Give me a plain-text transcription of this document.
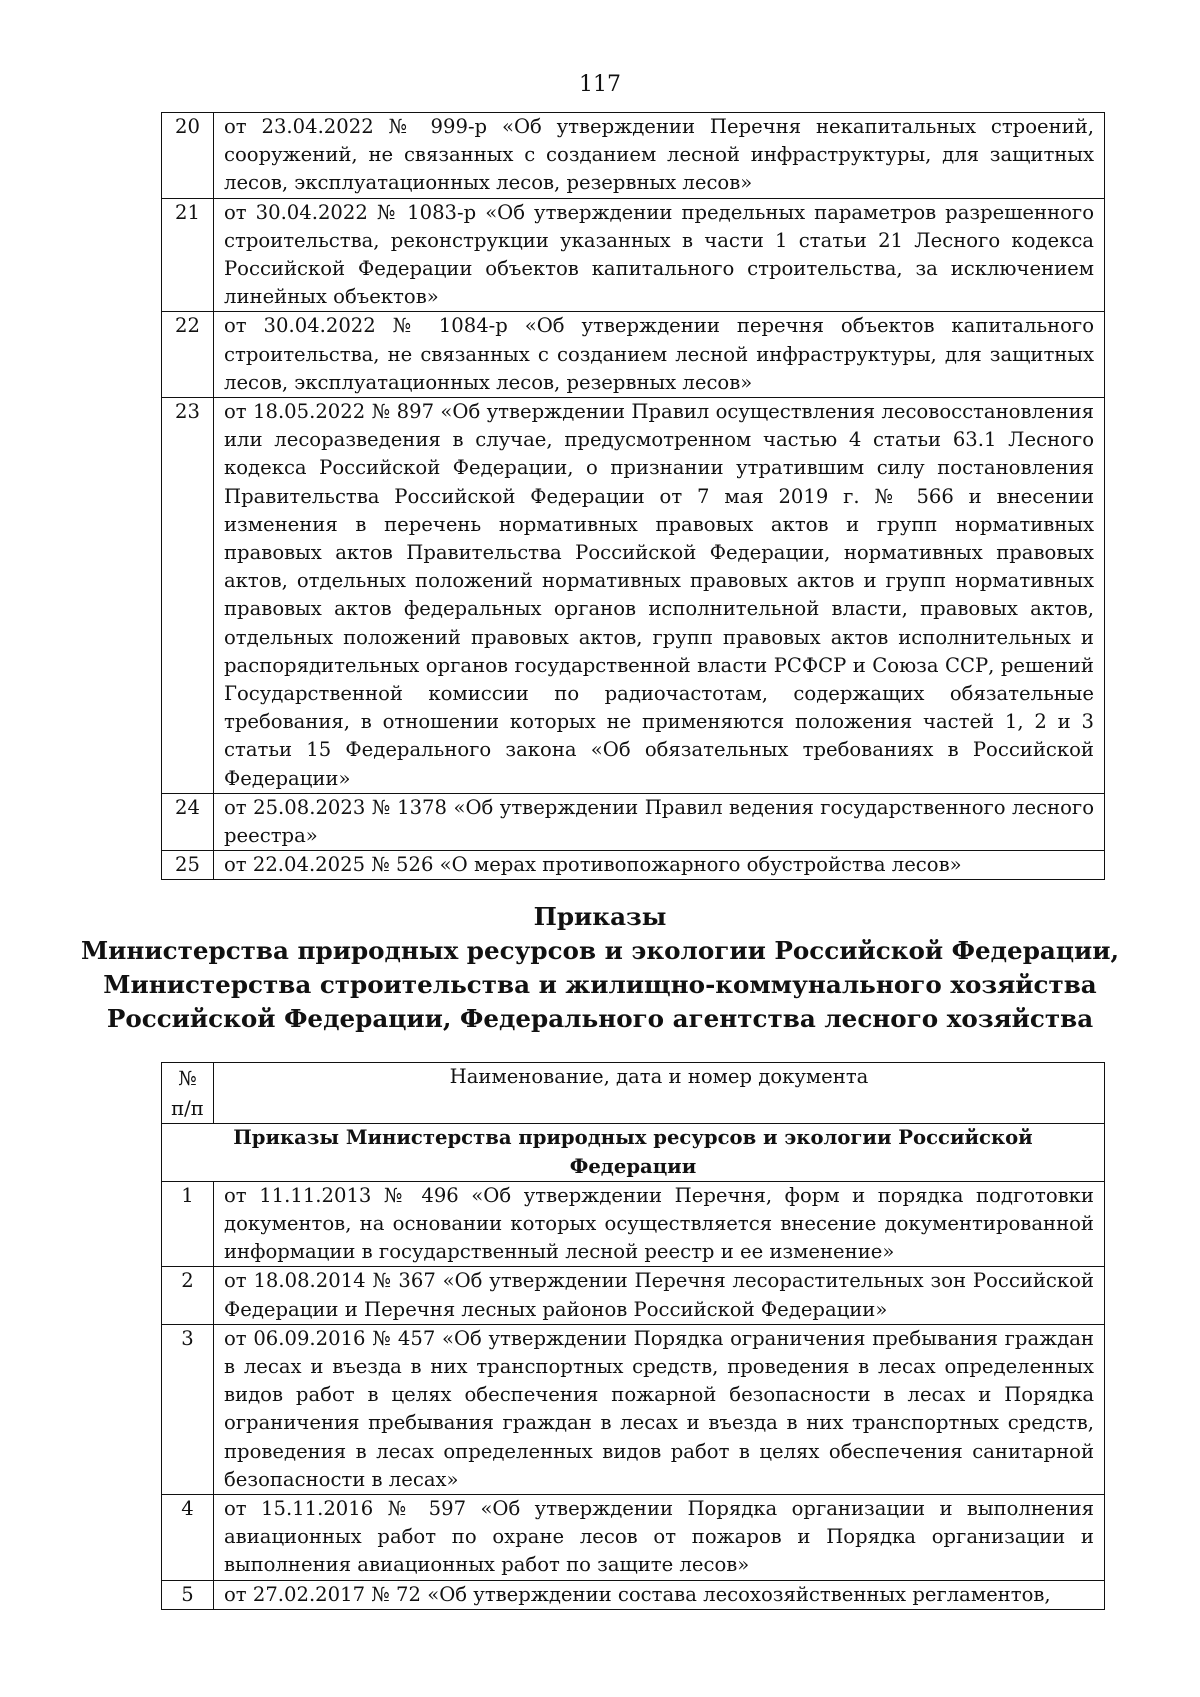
117
20	от 23.04.2022 № 999-р «Об утверждении Перечня некапитальных строений, сооружений, не связанных с созданием лесной инфраструктуры, для защитных лесов, эксплуатационных лесов, резервных лесов»
21	от 30.04.2022 № 1083-р «Об утверждении предельных параметров разрешенного строительства, реконструкции указанных в части 1 статьи 21 Лесного кодекса Российской Федерации объектов капитального строительства, за исключением линейных объектов»
22	от 30.04.2022 № 1084-р «Об утверждении перечня объектов капитального строительства, не связанных с созданием лесной инфраструктуры, для защитных лесов, эксплуатационных лесов, резервных лесов»
23	от 18.05.2022 № 897 «Об утверждении Правил осуществления лесовосстановления или лесоразведения в случае, предусмотренном частью 4 статьи 63.1 Лесного кодекса Российской Федерации, о признании утратившим силу постановления Правительства Российской Федерации от 7 мая 2019 г. № 566 и внесении изменения в перечень нормативных правовых актов и групп нормативных правовых актов Правительства Российской Федерации, нормативных правовых актов, отдельных положений нормативных правовых актов и групп нормативных правовых актов федеральных органов исполнительной власти, правовых актов, отдельных положений правовых актов, групп правовых актов исполнительных и распорядительных органов государственной власти РСФСР и Союза ССР, решений Государственной комиссии по радиочастотам, содержащих обязательные требования, в отношении которых не применяются положения частей 1, 2 и 3 статьи 15 Федерального закона «Об обязательных требованиях в Российской Федерации»
24	от 25.08.2023 № 1378 «Об утверждении Правил ведения государственного лесного реестра»
25	от 22.04.2025 № 526 «О мерах противопожарного обустройства лесов»
Приказы
Министерства природных ресурсов и экологии Российской Федерации,
Министерства строительства и жилищно-коммунального хозяйства
Российской Федерации, Федерального агентства лесного хозяйства
№
п/п	Наименование, дата и номер документа
Приказы Министерства природных ресурсов и экологии Российской Федерации	
1	от 11.11.2013 № 496 «Об утверждении Перечня, форм и порядка подготовки документов, на основании которых осуществляется внесение документированной информации в государственный лесной реестр и ее изменение»
2	от 18.08.2014 № 367 «Об утверждении Перечня лесорастительных зон Российской Федерации и Перечня лесных районов Российской Федерации»
3	от 06.09.2016 № 457 «Об утверждении Порядка ограничения пребывания граждан в лесах и въезда в них транспортных средств, проведения в лесах определенных видов работ в целях обеспечения пожарной безопасности в лесах и Порядка ограничения пребывания граждан в лесах и въезда в них транспортных средств, проведения в лесах определенных видов работ в целях обеспечения санитарной безопасности в лесах»
4	от 15.11.2016 № 597 «Об утверждении Порядка организации и выполнения авиационных работ по охране лесов от пожаров и Порядка организации и выполнения авиационных работ по защите лесов»
5	от 27.02.2017 № 72 «Об утверждении состава лесохозяйственных регламентов,
